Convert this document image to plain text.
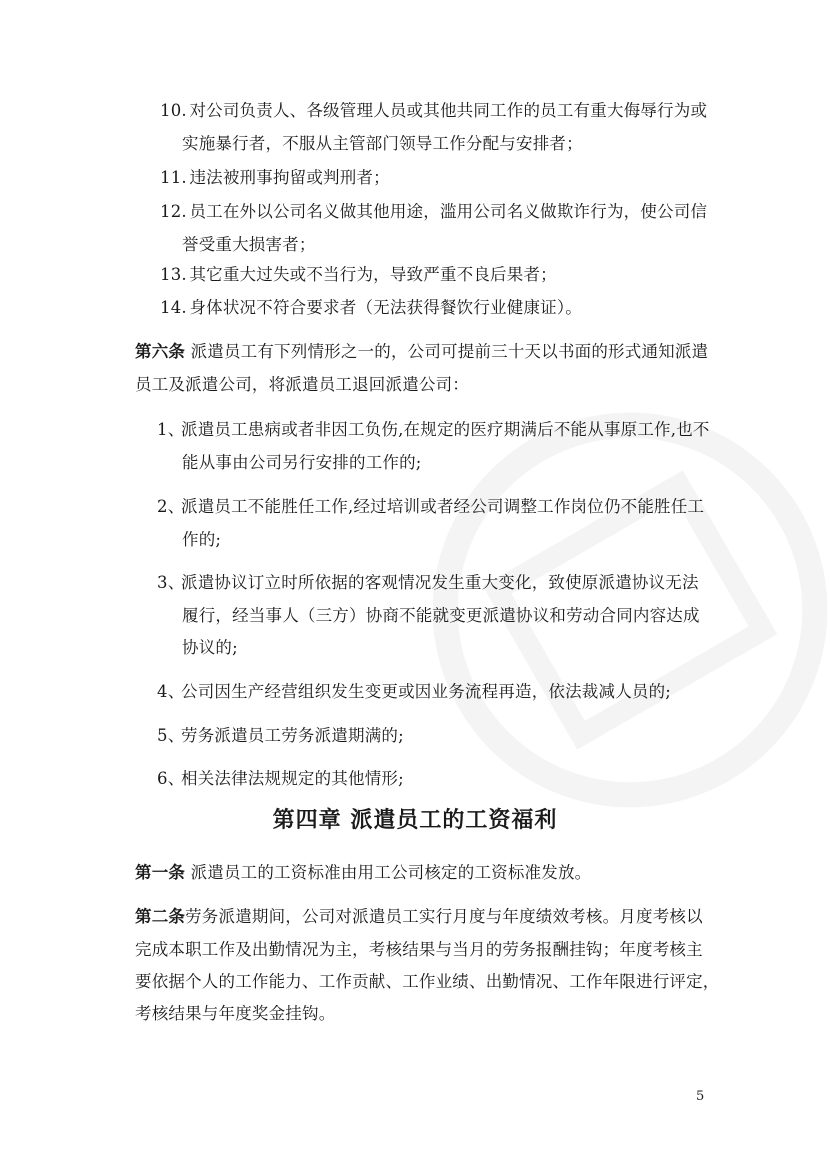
10. 对公司负责人、各级管理人员或其他共同工作的员工有重大侮辱行为或
实施暴行者，不服从主管部门领导工作分配与安排者；
11. 违法被刑事拘留或判刑者；
12. 员工在外以公司名义做其他用途，滥用公司名义做欺诈行为，使公司信
誉受重大损害者；
13. 其它重大过失或不当行为，导致严重不良后果者；
14. 身体状况不符合要求者（无法获得餐饮行业健康证）。
第六条 派遣员工有下列情形之一的，公司可提前三十天以书面的形式通知派遣
员工及派遣公司，将派遣员工退回派遣公司：
1、派遣员工患病或者非因工负伤,在规定的医疗期满后不能从事原工作,也不
能从事由公司另行安排的工作的;
2、派遣员工不能胜任工作,经过培训或者经公司调整工作岗位仍不能胜任工
作的;
3、派遣协议订立时所依据的客观情况发生重大变化，致使原派遣协议无法
履行，经当事人（三方）协商不能就变更派遣协议和劳动合同内容达成
协议的;
4、公司因生产经营组织发生变更或因业务流程再造，依法裁减人员的;
5、劳务派遣员工劳务派遣期满的;
6、相关法律法规规定的其他情形;
第四章 派遣员工的工资福利
第一条 派遣员工的工资标准由用工公司核定的工资标准发放。
第二条劳务派遣期间，公司对派遣员工实行月度与年度绩效考核。月度考核以
完成本职工作及出勤情况为主，考核结果与当月的劳务报酬挂钩；年度考核主
要依据个人的工作能力、工作贡献、工作业绩、出勤情况、工作年限进行评定，
考核结果与年度奖金挂钩。
5
